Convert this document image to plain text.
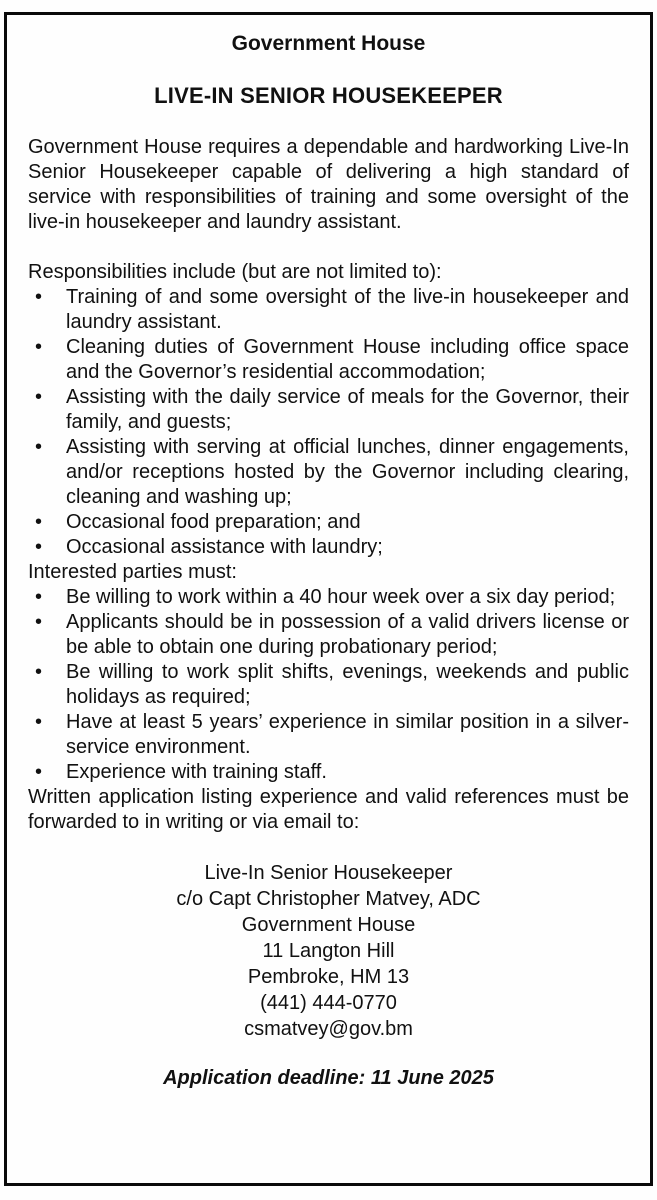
Government House
LIVE-IN SENIOR HOUSEKEEPER

Government House requires a dependable and hardworking Live-In Senior Housekeeper capable of delivering a high standard of service with responsibilities of training and some oversight of the live-in housekeeper and laundry assistant.

Responsibilities include (but are not limited to):
• Training of and some oversight of the live-in housekeeper and laundry assistant.
• Cleaning duties of Government House including office space and the Governor’s residential accommodation;
• Assisting with the daily service of meals for the Governor, their family, and guests;
• Assisting with serving at official lunches, dinner engagements, and/or receptions hosted by the Governor including clearing, cleaning and washing up;
• Occasional food preparation; and
• Occasional assistance with laundry;
Interested parties must:
• Be willing to work within a 40 hour week over a six day period;
• Applicants should be in possession of a valid drivers license or be able to obtain one during probationary period;
• Be willing to work split shifts, evenings, weekends and public holidays as required;
• Have at least 5 years’ experience in similar position in a silver-service environment.
• Experience with training staff.

Written application listing experience and valid references must be forwarded to in writing or via email to:

Live-In Senior Housekeeper
c/o Capt Christopher Matvey, ADC
Government House
11 Langton Hill
Pembroke, HM 13
(441) 444-0770
csmatvey@gov.bm

Application deadline: 11 June 2025
